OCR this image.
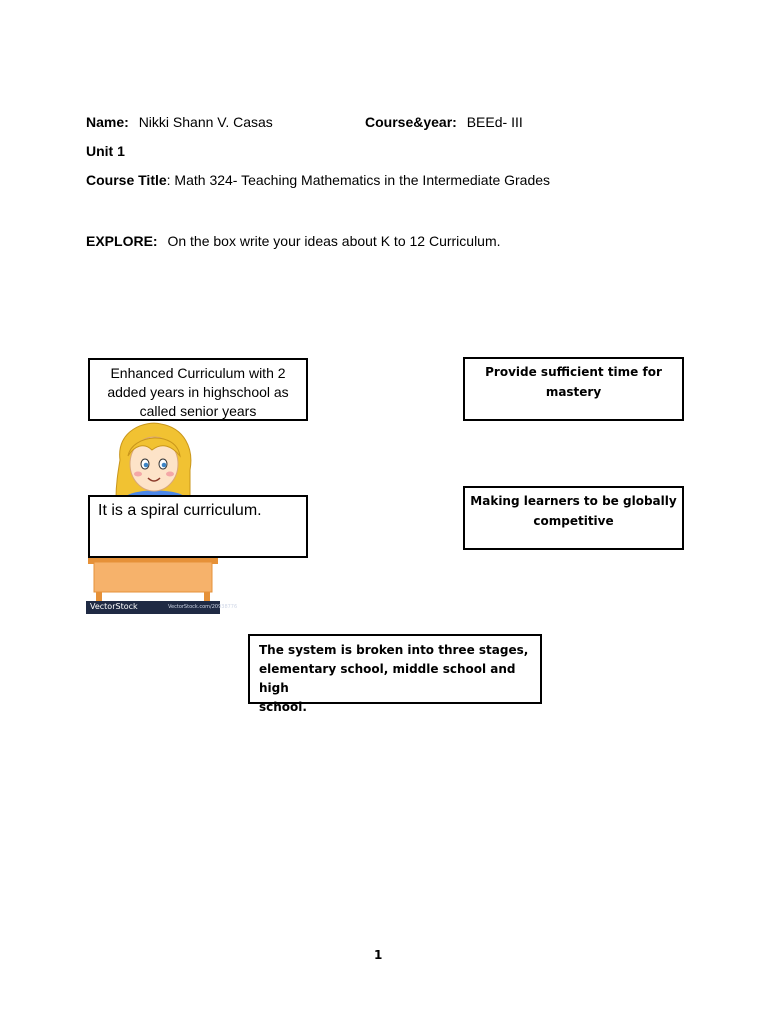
Name: Nikki Shann V. Casas	Course&year: BEEd- III
Unit 1
Course Title: Math 324- Teaching Mathematics in the Intermediate Grades
EXPLORE: On the box write your ideas about K to 12 Curriculum.
VectorStock	VectorStock.com/20938776
Enhanced Curriculum with 2
added years in highschool as
called senior years
Provide sufficient time for mastery
It is a spiral curriculum.
Making learners to be globally
competitive
The system is broken into three stages,
elementary school, middle school and high
school.
1
